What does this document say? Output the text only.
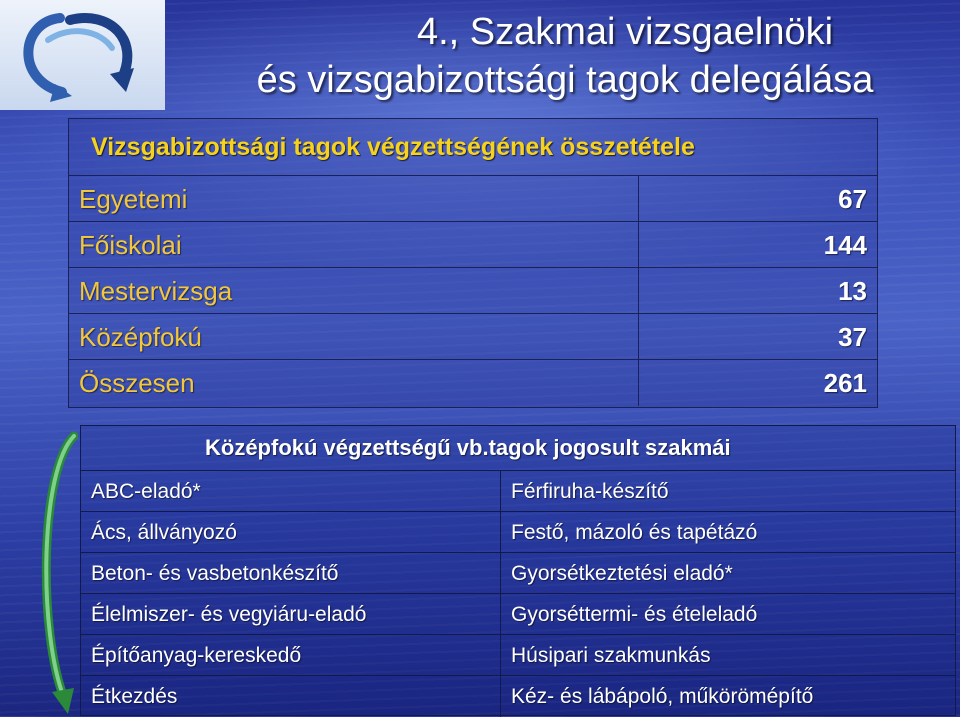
4., Szakmai vizsgaelnöki
és vizsgabizottsági tagok delegálása
Vizsgabizottsági tagok végzettségének összetétele
Egyetemi	67
Főiskolai	144
Mestervizsga	13
Középfokú	37
Összesen	261
Középfokú végzettségű vb.tagok jogosult szakmái
ABC-eladó*	Férfiruha-készítő
Ács, állványozó	Festő, mázoló és tapétázó
Beton- és vasbetonkészítő	Gyorsétkeztetési eladó*
Élelmiszer- és vegyiáru-eladó	Gyorséttermi- és ételeladó
Építőanyag-kereskedő	Húsipari szakmunkás
Étkezdés	Kéz- és lábápoló, műkörömépítő
